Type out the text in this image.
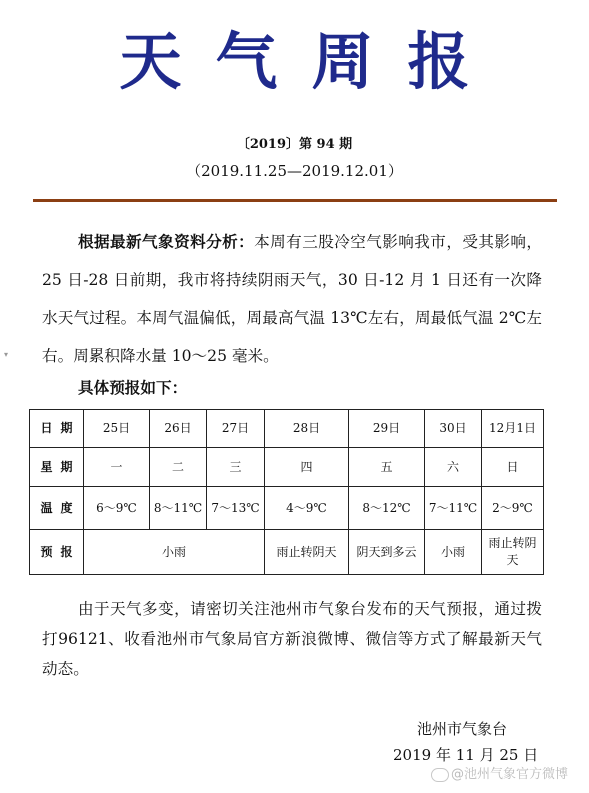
天气周报
〔2019〕第 94 期
（2019.11.25—2019.12.01）

根据最新气象资料分析：本周有三股冷空气影响我市，受其影响，25 日-28 日前期，我市将持续阴雨天气，30 日-12 月 1 日还有一次降水天气过程。本周气温偏低，周最高气温 13℃左右，周最低气温 2℃左右。周累积降水量 10～25 毫米。

▾
具体预报如下：
日期	25日	26日	27日	28日	29日	30日	12月1日
星期	一	二	三	四	五	六	日
温度	6～9℃	8～11℃	7～13℃	4～9℃	8～12℃	7～11℃	2～9℃
预报	小雨			雨止转阴天	阴天到多云	小雨	雨止转阴天

由于天气多变，请密切关注池州市气象台发布的天气预报，通过拨打96121、收看池州市气象局官方新浪微博、微信等方式了解最新天气动态。

池州市气象台
2019 年 11 月 25 日
@池州气象官方微博
